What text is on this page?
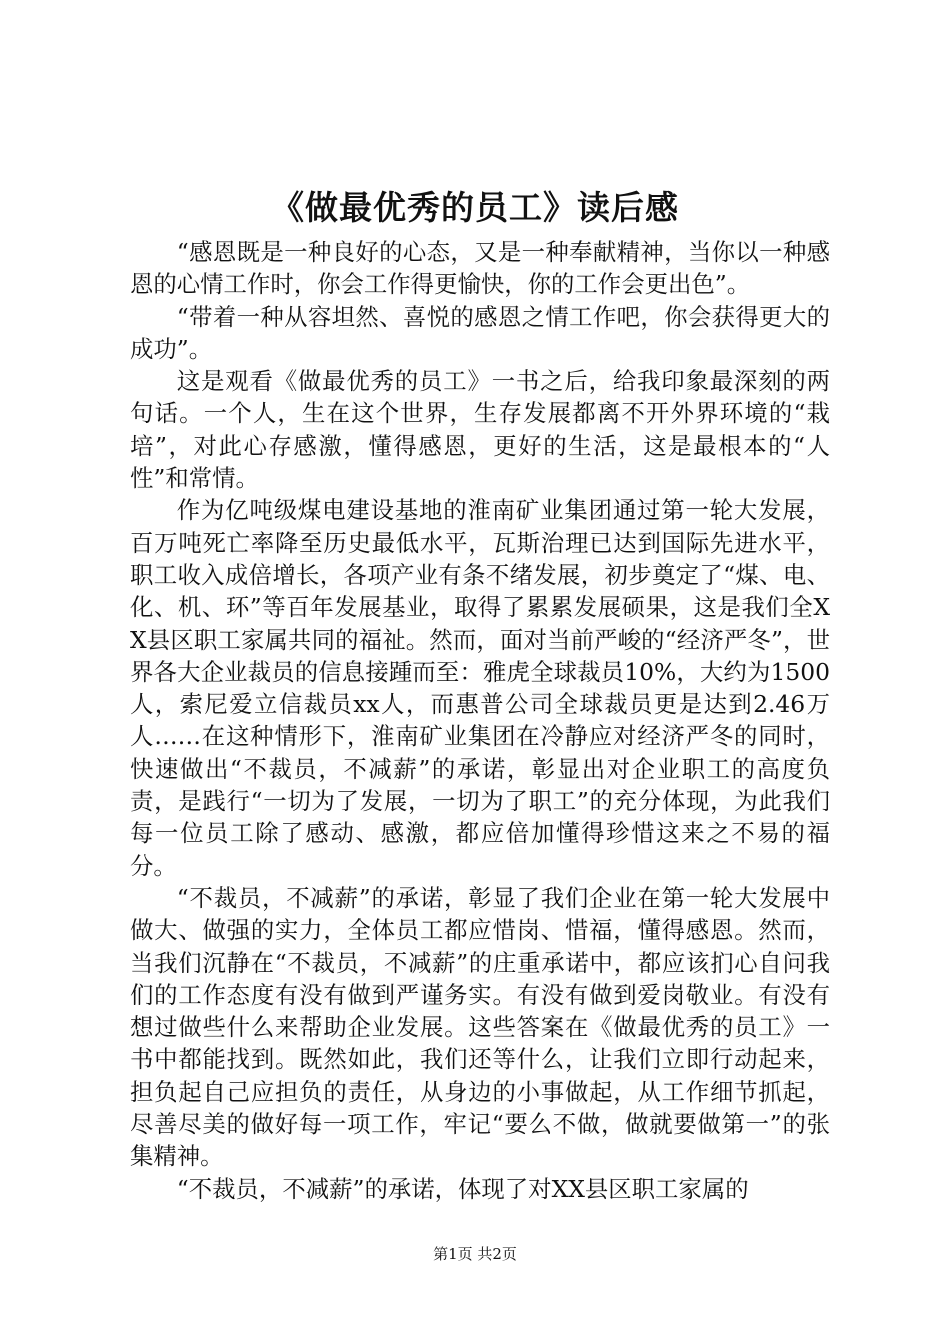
《做最优秀的员工》读后感

“感恩既是一种良好的心态，又是一种奉献精神，当你以一种感恩的心情工作时，你会工作得更愉快，你的工作会更出色”。

“带着一种从容坦然、喜悦的感恩之情工作吧，你会获得更大的成功”。

这是观看《做最优秀的员工》一书之后，给我印象最深刻的两句话。一个人，生在这个世界，生存发展都离不开外界环境的“栽培”，对此心存感激，懂得感恩，更好的生活，这是最根本的“人性”和常情。

作为亿吨级煤电建设基地的淮南矿业集团通过第一轮大发展，百万吨死亡率降至历史最低水平，瓦斯治理已达到国际先进水平，职工收入成倍增长，各项产业有条不绪发展，初步奠定了“煤、电、化、机、环”等百年发展基业，取得了累累发展硕果，这是我们全XX县区职工家属共同的福祉。然而，面对当前严峻的“经济严冬”，世界各大企业裁员的信息接踵而至：雅虎全球裁员10%，大约为1500人，索尼爱立信裁员xx人，而惠普公司全球裁员更是达到2.46万人……在这种情形下，淮南矿业集团在冷静应对经济严冬的同时，快速做出“不裁员，不减薪”的承诺，彰显出对企业职工的高度负责，是践行“一切为了发展，一切为了职工”的充分体现，为此我们每一位员工除了感动、感激，都应倍加懂得珍惜这来之不易的福分。

“不裁员，不减薪”的承诺，彰显了我们企业在第一轮大发展中做大、做强的实力，全体员工都应惜岗、惜福，懂得感恩。然而，当我们沉静在“不裁员，不减薪”的庄重承诺中，都应该扪心自问我们的工作态度有没有做到严谨务实。有没有做到爱岗敬业。有没有想过做些什么来帮助企业发展。这些答案在《做最优秀的员工》一书中都能找到。既然如此，我们还等什么，让我们立即行动起来，担负起自己应担负的责任，从身边的小事做起，从工作细节抓起，尽善尽美的做好每一项工作，牢记“要么不做，做就要做第一”的张集精神。

“不裁员，不减薪”的承诺，体现了对XX县区职工家属的

第1页 共2页
